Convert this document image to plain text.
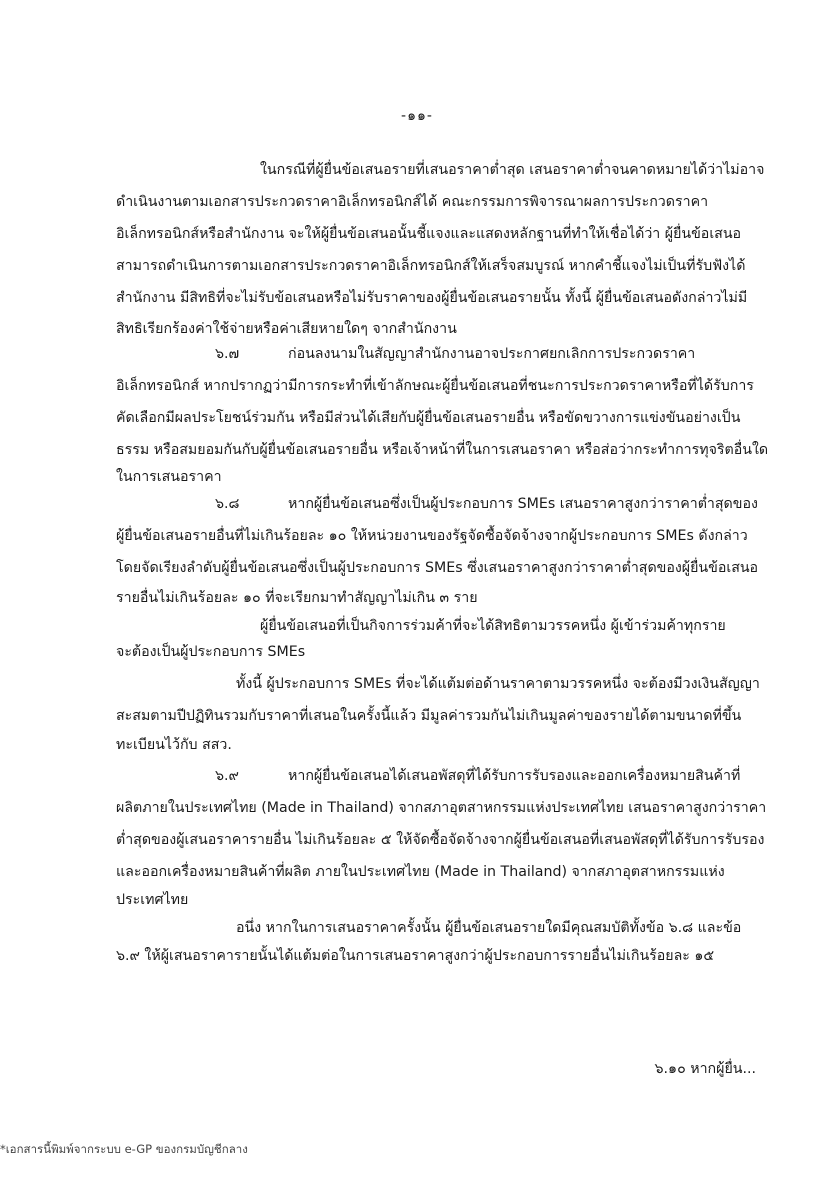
-๑๑-
ในกรณีที่ผู้ยื่นข้อเสนอรายที่เสนอราคาต่ำสุด เสนอราคาต่ำจนคาดหมายได้ว่าไม่อาจ
ดำเนินงานตามเอกสารประกวดราคาอิเล็กทรอนิกส์ได้ คณะกรรมการพิจารณาผลการประกวดราคา
อิเล็กทรอนิกส์หรือสำนักงาน จะให้ผู้ยื่นข้อเสนอนั้นชี้แจงและแสดงหลักฐานที่ทำให้เชื่อได้ว่า ผู้ยื่นข้อเสนอ
สามารถดำเนินการตามเอกสารประกวดราคาอิเล็กทรอนิกส์ให้เสร็จสมบูรณ์ หากคำชี้แจงไม่เป็นที่รับฟังได้
สำนักงาน มีสิทธิที่จะไม่รับข้อเสนอหรือไม่รับราคาของผู้ยื่นข้อเสนอรายนั้น ทั้งนี้ ผู้ยื่นข้อเสนอดังกล่าวไม่มี
สิทธิเรียกร้องค่าใช้จ่ายหรือค่าเสียหายใดๆ จากสำนักงาน
๖.๗	ก่อนลงนามในสัญญาสำนักงานอาจประกาศยกเลิกการประกวดราคา
อิเล็กทรอนิกส์ หากปรากฏว่ามีการกระทำที่เข้าลักษณะผู้ยื่นข้อเสนอที่ชนะการประกวดราคาหรือที่ได้รับการ
คัดเลือกมีผลประโยชน์ร่วมกัน หรือมีส่วนได้เสียกับผู้ยื่นข้อเสนอรายอื่น หรือขัดขวางการแข่งขันอย่างเป็น
ธรรม หรือสมยอมกันกับผู้ยื่นข้อเสนอรายอื่น หรือเจ้าหน้าที่ในการเสนอราคา หรือส่อว่ากระทำการทุจริตอื่นใด
ในการเสนอราคา
๖.๘	หากผู้ยื่นข้อเสนอซึ่งเป็นผู้ประกอบการ SMEs เสนอราคาสูงกว่าราคาต่ำสุดของ
ผู้ยื่นข้อเสนอรายอื่นที่ไม่เกินร้อยละ ๑๐ ให้หน่วยงานของรัฐจัดซื้อจัดจ้างจากผู้ประกอบการ SMEs ดังกล่าว
โดยจัดเรียงลำดับผู้ยื่นข้อเสนอซึ่งเป็นผู้ประกอบการ SMEs ซึ่งเสนอราคาสูงกว่าราคาต่ำสุดของผู้ยื่นข้อเสนอ
รายอื่นไม่เกินร้อยละ ๑๐ ที่จะเรียกมาทำสัญญาไม่เกิน ๓ ราย
ผู้ยื่นข้อเสนอที่เป็นกิจการร่วมค้าที่จะได้สิทธิตามวรรคหนึ่ง ผู้เข้าร่วมค้าทุกราย
จะต้องเป็นผู้ประกอบการ SMEs
ทั้งนี้ ผู้ประกอบการ SMEs ที่จะได้แต้มต่อด้านราคาตามวรรคหนึ่ง จะต้องมีวงเงินสัญญา
สะสมตามปีปฏิทินรวมกับราคาที่เสนอในครั้งนี้แล้ว มีมูลค่ารวมกันไม่เกินมูลค่าของรายได้ตามขนาดที่ขึ้น
ทะเบียนไว้กับ สสว.
๖.๙	หากผู้ยื่นข้อเสนอได้เสนอพัสดุที่ได้รับการรับรองและออกเครื่องหมายสินค้าที่
ผลิตภายในประเทศไทย (Made in Thailand) จากสภาอุตสาหกรรมแห่งประเทศไทย เสนอราคาสูงกว่าราคา
ต่ำสุดของผู้เสนอราคารายอื่น ไม่เกินร้อยละ ๕ ให้จัดซื้อจัดจ้างจากผู้ยื่นข้อเสนอที่เสนอพัสดุที่ได้รับการรับรอง
และออกเครื่องหมายสินค้าที่ผลิต ภายในประเทศไทย (Made in Thailand) จากสภาอุตสาหกรรมแห่ง
ประเทศไทย
อนึ่ง หากในการเสนอราคาครั้งนั้น ผู้ยื่นข้อเสนอรายใดมีคุณสมบัติทั้งข้อ ๖.๘ และข้อ
๖.๙ ให้ผู้เสนอราคารายนั้นได้แต้มต่อในการเสนอราคาสูงกว่าผู้ประกอบการรายอื่นไม่เกินร้อยละ ๑๕
๖.๑๐ หากผู้ยื่น...
*เอกสารนี้พิมพ์จากระบบ e-GP ของกรมบัญชีกลาง
